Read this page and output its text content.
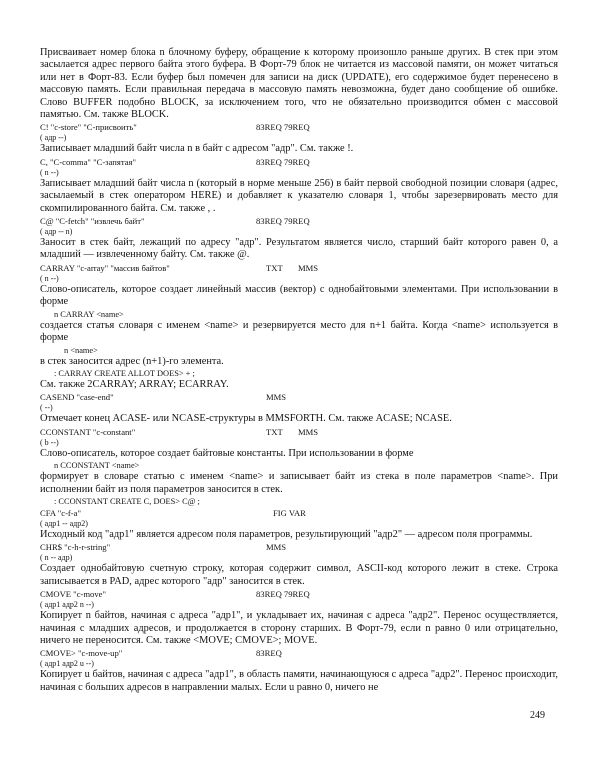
Присваивает номер блока n блочному буферу, обращение к которому произошло раньше других. В стек при этом засылается адрес первого байта этого буфера. В Форт-79 блок не читается из массовой памяти, он может читаться или нет в Форт-83. Если буфер был помечен для записи на диск (UPDATE), его содержимое будет перенесено в массовую память. Если правильная передача в массовую память невозможна, будет дано сообщение об ошибке. Слово BUFFER подобно BLOCK, за исключением того, что не обязательно производится обмен с массовой памятью. См. также BLOCK.

C! "c-store" "С-присвоить"	83REQ 79REQ
( адр --)

Записывает младший байт числа n в байт с адресом "адр". См. также !.

C, "C-comma" "С-запятая"	83REQ 79REQ
( n --)

Записывает младший байт числа n (который в норме меньше 256) в байт первой свободной позиции словаря (адрес, засылаемый в стек оператором HERE) и добавляет к указателю словаря 1, чтобы зарезервировать место для скомпилированного байта. См. также , .

C@ "C-fetch" "извлечь байт"	83REQ 79REQ
( адр -- n)

Заносит в стек байт, лежащий по адресу "адр". Результатом является число, старший байт которого равен 0, а младший — извлеченному байту. См. также @.

CARRAY "c-array" "массив байтов"	TXT MMS
( n --)

Слово-описатель, которое создает линейный массив (вектор) с однобайтовыми элементами. При использовании в форме

n CARRAY <name>

создается статья словаря с именем <name> и резервируется место для n+1 байта. Когда <name> используется в форме

n <name>

в стек заносится адрес (n+1)-го элемента.

: CARRAY CREATE ALLOT DOES> + ;

См. также 2CARRAY; ARRAY; ECARRAY.

CASEND "case-end"	MMS
( --)

Отмечает конец ACASE- или NCASE-структуры в MMSFORTH. См. также ACASE; NCASE.

CCONSTANT "c-constant"	TXT MMS
( b --)

Слово-описатель, которое создает байтовые константы. При использовании в форме

n CCONSTANT <name>

формирует в словаре статью с именем <name> и записывает байт из стека в поле параметров <name>. При исполнении байт из поля параметров заносится в стек.

: CCONSTANT CREATE C, DOES> C@ ;
CFA "c-f-a"	FIG VAR
( адр1 -- адр2)

Исходный код "адр1" является адресом поля параметров, результирующий "адр2" — адресом поля программы.

CHR$ "c-h-r-string"	MMS
( n -- адр)

Создает однобайтовую счетную строку, которая содержит символ, ASCII-код которого лежит в стеке. Строка записывается в PAD, адрес которого "адр" заносится в стек.

CMOVE "c-move"	83REQ 79REQ
( адр1 адр2 n --)

Копирует n байтов, начиная с адреса "адр1", и укладывает их, начиная с адреса "адр2". Перенос осуществляется, начиная с младших адресов, и продолжается в сторону старших. В Форт-79, если n равно 0 или отрицательно, ничего не переносится. См. также <MOVE; CMOVE>; MOVE.

CMOVE> "c-move-up"	83REQ
( адр1 адр2 u --)

Копирует u байтов, начиная с адреса "адр1", в область памяти, начинающуюся с адреса "адр2". Перенос происходит, начиная с больших адресов в направлении малых. Если u равно 0, ничего не

249
